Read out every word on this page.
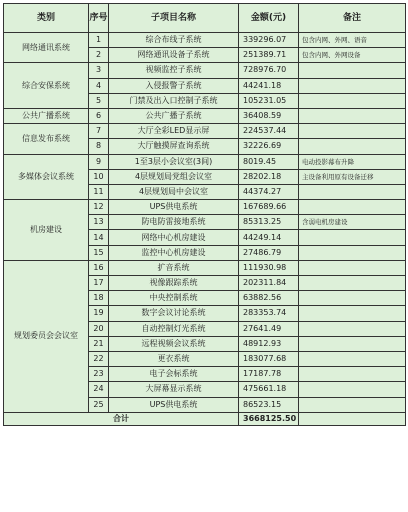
类别	序号	子项目名称	金额(元)	备注
网络通讯系统	1	综合布线子系统	339296.07	包含内网、外网、语音
	2	网络通讯设备子系统	251389.71	包含内网、外网设备
综合安保系统	3	视频监控子系统	728976.70	
	4	入侵报警子系统	44241.18	
	5	门禁及出入口控制子系统	105231.05	
公共广播系统	6	公共广播子系统	36408.59	
信息发布系统	7	大厅全彩LED显示屏	224537.44	
	8	大厅触摸屏查询系统	32226.69	
多媒体会议系统	9	1至3层小会议室(3间)	8019.45	电动投影幕布升降
	10	4层规划局党组会议室	28202.18	主设备利用原有设备迁移
	11	4层规划局中会议室	44374.27	
机房建设	12	UPS供电系统	167689.66	
	13	防电防雷接地系统	85313.25	含弱电机房建设
	14	网络中心机房建设	44249.14	
	15	监控中心机房建设	27486.79	
规划委员会会议室	16	扩音系统	111930.98	
	17	视像跟踪系统	202311.84	
	18	中央控制系统	63882.56	
	19	数字会议讨论系统	283353.74	
	20	自动控制灯光系统	27641.49	
	21	远程视频会议系统	48912.93	
	22	更衣系统	183077.68	
	23	电子会标系统	17187.78	
	24	大屏幕显示系统	475661.18	
	25	UPS供电系统	86523.15	
合计			3668125.50	
